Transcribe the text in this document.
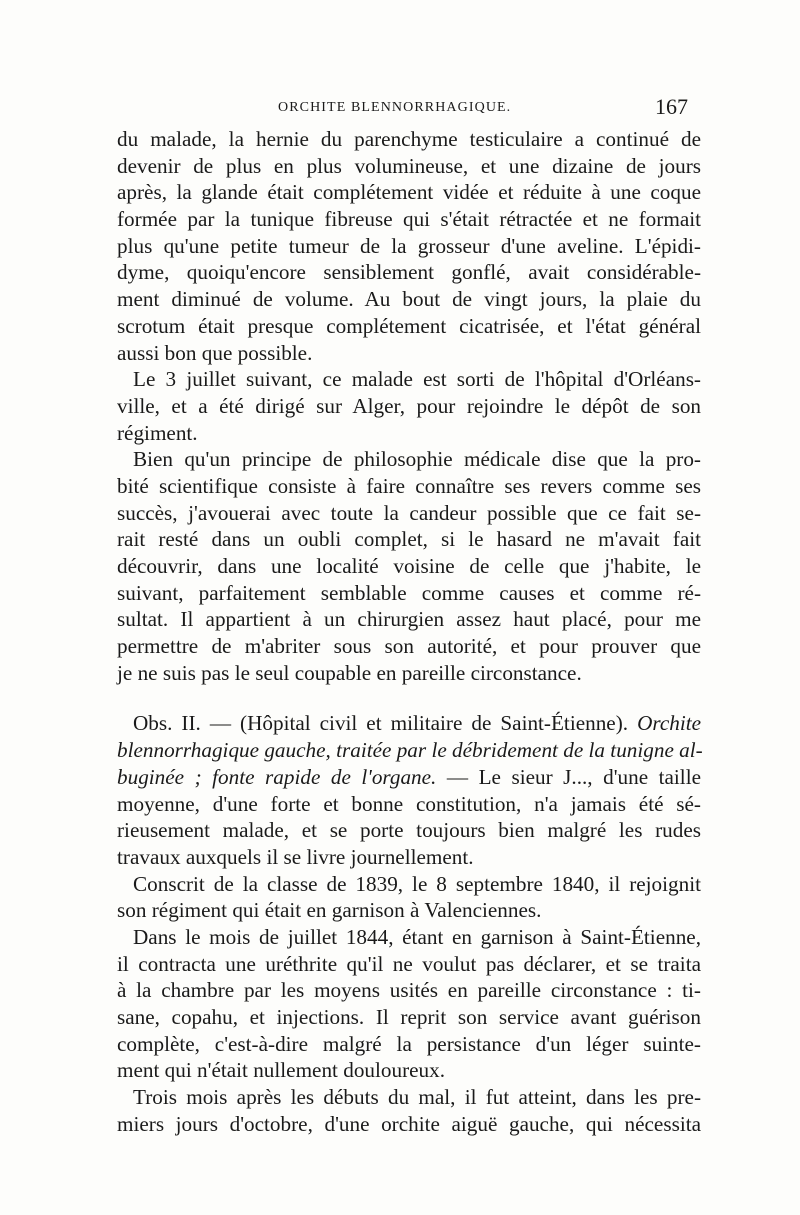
ORCHITE BLENNORRHAGIQUE.	167
du malade, la hernie du parenchyme testiculaire a continué de
devenir de plus en plus volumineuse, et une dizaine de jours
après, la glande était complétement vidée et réduite à une coque
formée par la tunique fibreuse qui s'était rétractée et ne formait
plus qu'une petite tumeur de la grosseur d'une aveline. L'épidi-
dyme, quoiqu'encore sensiblement gonflé, avait considérable-
ment diminué de volume. Au bout de vingt jours, la plaie du
scrotum était presque complétement cicatrisée, et l'état général
aussi bon que possible.
Le 3 juillet suivant, ce malade est sorti de l'hôpital d'Orléans-
ville, et a été dirigé sur Alger, pour rejoindre le dépôt de son
régiment.
Bien qu'un principe de philosophie médicale dise que la pro-
bité scientifique consiste à faire connaître ses revers comme ses
succès, j'avouerai avec toute la candeur possible que ce fait se-
rait resté dans un oubli complet, si le hasard ne m'avait fait
découvrir, dans une localité voisine de celle que j'habite, le
suivant, parfaitement semblable comme causes et comme ré-
sultat. Il appartient à un chirurgien assez haut placé, pour me
permettre de m'abriter sous son autorité, et pour prouver que
je ne suis pas le seul coupable en pareille circonstance.
Obs. II. — (Hôpital civil et militaire de Saint-Étienne). Orchite
blennorrhagique gauche, traitée par le débridement de la tunigne al-
buginée ; fonte rapide de l'organe. — Le sieur J..., d'une taille
moyenne, d'une forte et bonne constitution, n'a jamais été sé-
rieusement malade, et se porte toujours bien malgré les rudes
travaux auxquels il se livre journellement.
Conscrit de la classe de 1839, le 8 septembre 1840, il rejoignit
son régiment qui était en garnison à Valenciennes.
Dans le mois de juillet 1844, étant en garnison à Saint-Étienne,
il contracta une uréthrite qu'il ne voulut pas déclarer, et se traita
à la chambre par les moyens usités en pareille circonstance : ti-
sane, copahu, et injections. Il reprit son service avant guérison
complète, c'est-à-dire malgré la persistance d'un léger suinte-
ment qui n'était nullement douloureux.
Trois mois après les débuts du mal, il fut atteint, dans les pre-
miers jours d'octobre, d'une orchite aiguë gauche, qui nécessita
